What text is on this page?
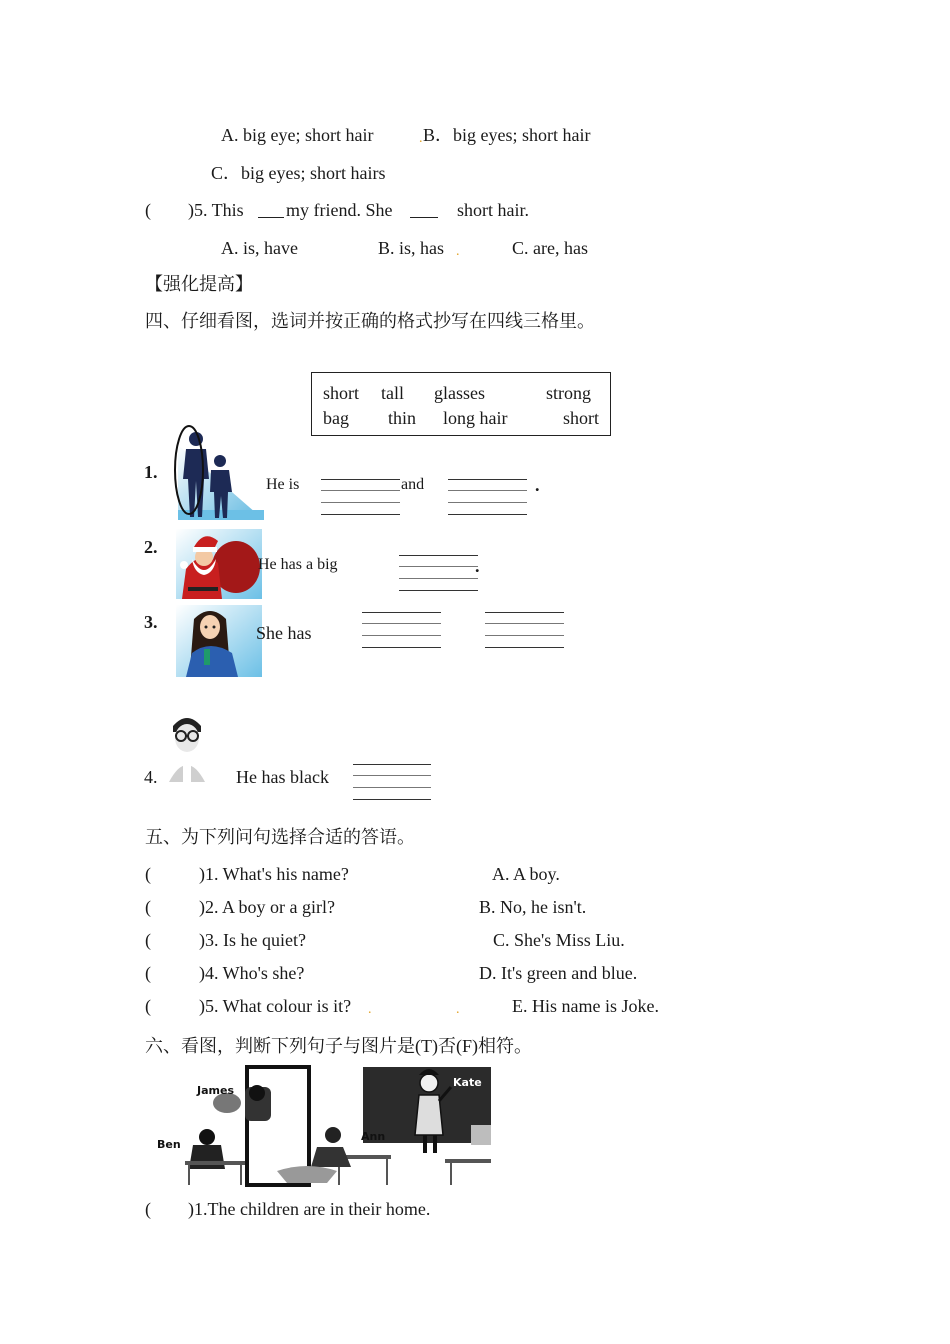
A. big eye; short hair	. B．big eyes; short hair
C．big eyes; short hairs
( )5. This my friend. She	short hair.
A. is, have	B. is, has .	C. are, has
【强化提高】
四、仔细看图，选词并按正确的格式抄写在四线三格里。
short tall glasses	strong
bag thin long hair	short
1.
He is	and	.
2.
He has a big	.
3.
She has
4.	He has black
五、为下列问句选择合适的答语。
(	)1. What's his name?	A. A boy.
(	)2. A boy or a girl?	B. No, he isn't.
(	)3. Is he quiet?	C. She's Miss Liu.
(	)4. Who's she?	D. It's green and blue.
(	)5. What colour is it? .	.	E. His name is Joke.
六、看图，判断下列句子与图片是(T)否(F)相符。
James
Ben
Ann
Kate
( )1.The children are in their home.
